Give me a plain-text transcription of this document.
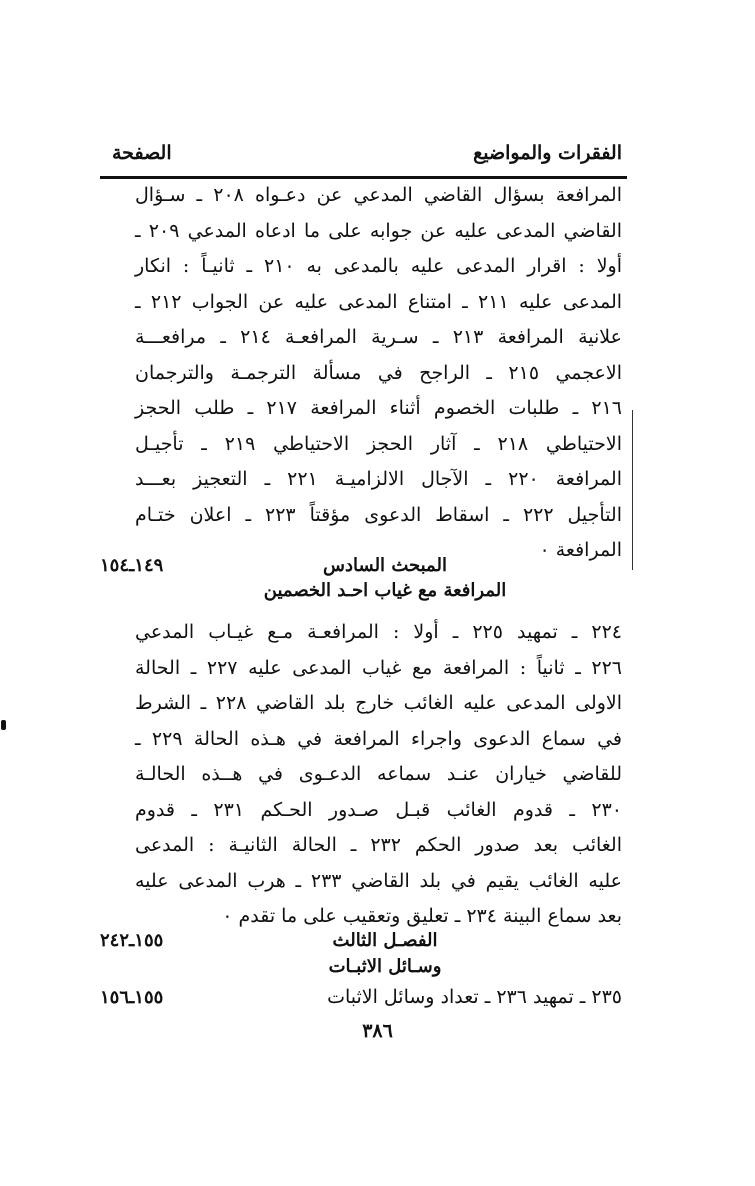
الفقرات والمواضيع
الصفحة
المرافعة بسؤال القاضي المدعي عن دعـواه ٢٠٨ ـ سـؤال
القاضي المدعى عليه عن جوابه على ما ادعاه المدعي ٢٠٩ ـ
أولا : اقرار المدعى عليه بالمدعى به ٢١٠ ـ ثانيـاً : انكار
المدعى عليه ٢١١ ـ امتناع المدعى عليه عن الجواب ٢١٢ ـ
علانية المرافعة ٢١٣ ـ سـرية المرافعـة ٢١٤ ـ مرافعـــة
الاعجمي ٢١٥ ـ الراجح في مسألة الترجمـة والترجمان
٢١٦ ـ طلبات الخصوم أثناء المرافعة ٢١٧ ـ طلب الحجز
الاحتياطي ٢١٨ ـ آثار الحجز الاحتياطي ٢١٩ ـ تأجيـل
المرافعة ٢٢٠ ـ الآجال الالزاميـة ٢٢١ ـ التعجيز بعـــد
التأجيل ٢٢٢ ـ اسقاط الدعوى مؤقتاً ٢٢٣ ـ اعلان ختـام
المرافعة ٠
المبحث السادس
المرافعة مع غياب احـد الخصمين
١٤٩ـ١٥٤
٢٢٤ ـ تمهيد ٢٢٥ ـ أولا : المرافعـة مـع غيـاب المدعي
٢٢٦ ـ ثانياً : المرافعة مع غياب المدعى عليه ٢٢٧ ـ الحالة
الاولى المدعى عليه الغائب خارج بلد القاضي ٢٢٨ ـ الشرط
في سماع الدعوى واجراء المرافعة في هـذه الحالة ٢٢٩ ـ
للقاضي خياران عنـد سماعه الدعـوى في هــذه الحالـة
٢٣٠ ـ قدوم الغائب قبـل صـدور الحـكم ٢٣١ ـ قدوم
الغائب بعد صدور الحكم ٢٣٢ ـ الحالة الثانيـة : المدعى
عليه الغائب يقيم في بلد القاضي ٢٣٣ ـ هرب المدعى عليه
بعد سماع البينة ٢٣٤ ـ تعليق وتعقيب على ما تقدم ٠
الفصـل الثالث
وسـائل الاثبـات
١٥٥ـ٢٤٢
٢٣٥ ـ تمهيد ٢٣٦ ـ تعداد وسائل الاثبات
١٥٥ـ١٥٦
٣٨٦
